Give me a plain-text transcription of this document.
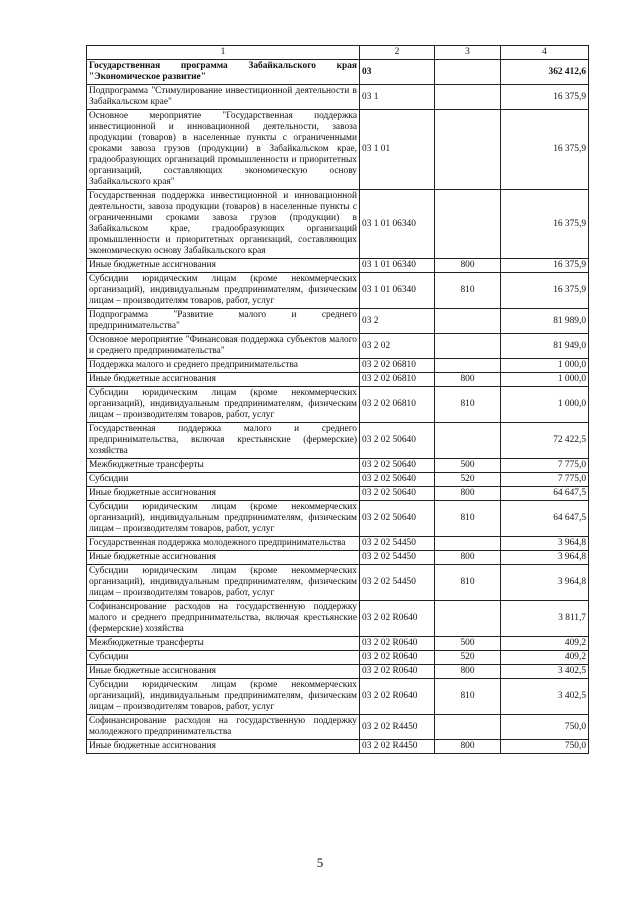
1	2	3	4
Государственная программа Забайкальского края "Экономическое развитие"	03		362 412,6
Подпрограмма "Стимулирование инвестиционной деятельности в Забайкальском крае"	03 1		16 375,9
Основное мероприятие "Государственная поддержка инвестиционной и инновационной деятельности, завоза продукции (товаров) в населенные пункты с ограниченными сроками завоза грузов (продукции) в Забайкальском крае, градообразующих организаций промышленности и приоритетных организаций, составляющих экономическую основу Забайкальского края"	03 1 01		16 375,9
Государственная поддержка инвестиционной и инновационной деятельности, завоза продукции (товаров) в населенные пункты с ограниченными сроками завоза грузов (продукции) в Забайкальском крае, градообразующих организаций промышленности и приоритетных организаций, составляющих экономическую основу Забайкальского края	03 1 01 06340		16 375,9
Иные бюджетные ассигнования	03 1 01 06340	800	16 375,9
Субсидии юридическим лицам (кроме некоммерческих организаций), индивидуальным предпринимателям, физическим лицам – производителям товаров, работ, услуг	03 1 01 06340	810	16 375,9
Подпрограмма "Развитие малого и среднего предпринимательства"	03 2		81 989,0
Основное мероприятие "Финансовая поддержка субъектов малого и среднего предпринимательства"	03 2 02		81 949,0
Поддержка малого и среднего предпринимательства	03 2 02 06810		1 000,0
Иные бюджетные ассигнования	03 2 02 06810	800	1 000,0
Субсидии юридическим лицам (кроме некоммерческих организаций), индивидуальным предпринимателям, физическим лицам – производителям товаров, работ, услуг	03 2 02 06810	810	1 000,0
Государственная поддержка малого и среднего предпринимательства, включая крестьянские (фермерские) хозяйства	03 2 02 50640		72 422,5
Межбюджетные трансферты	03 2 02 50640	500	7 775,0
Субсидии	03 2 02 50640	520	7 775,0
Иные бюджетные ассигнования	03 2 02 50640	800	64 647,5
Субсидии юридическим лицам (кроме некоммерческих организаций), индивидуальным предпринимателям, физическим лицам – производителям товаров, работ, услуг	03 2 02 50640	810	64 647,5
Государственная поддержка молодежного предпринимательства	03 2 02 54450		3 964,8
Иные бюджетные ассигнования	03 2 02 54450	800	3 964,8
Субсидии юридическим лицам (кроме некоммерческих организаций), индивидуальным предпринимателям, физическим лицам – производителям товаров, работ, услуг	03 2 02 54450	810	3 964,8
Софинансирование расходов на государственную поддержку малого и среднего предпринимательства, включая крестьянские (фермерские) хозяйства	03 2 02 R0640		3 811,7
Межбюджетные трансферты	03 2 02 R0640	500	409,2
Субсидии	03 2 02 R0640	520	409,2
Иные бюджетные ассигнования	03 2 02 R0640	800	3 402,5
Субсидии юридическим лицам (кроме некоммерческих организаций), индивидуальным предпринимателям, физическим лицам – производителям товаров, работ, услуг	03 2 02 R0640	810	3 402,5
Софинансирование расходов на государственную поддержку молодежного предпринимательства	03 2 02 R4450		750,0
Иные бюджетные ассигнования	03 2 02 R4450	800	750,0
5
